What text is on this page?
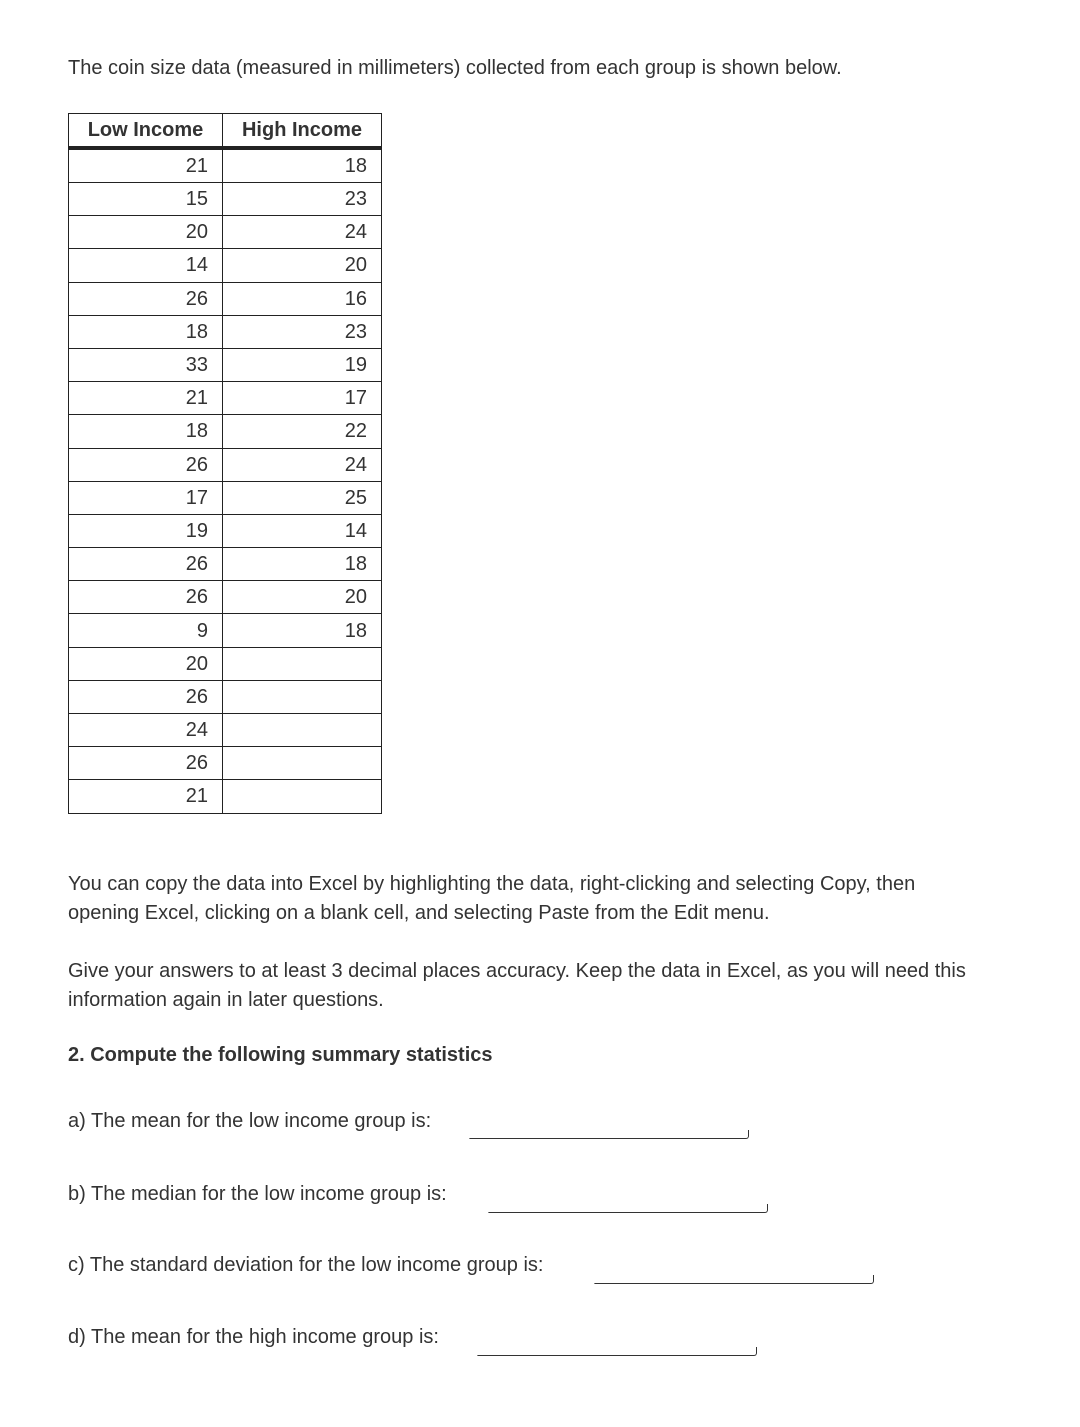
The coin size data (measured in millimeters) collected from each group is shown below.

Low Income	High Income
21	18
15	23
20	24
14	20
26	16
18	23
33	19
21	17
18	22
26	24
17	25
19	14
26	18
26	20
9	18
20	
26	
24	
26	
21	

You can copy the data into Excel by highlighting the data, right-clicking and selecting Copy, then opening Excel, clicking on a blank cell, and selecting Paste from the Edit menu.

Give your answers to at least 3 decimal places accuracy. Keep the data in Excel, as you will need this information again in later questions.

2. Compute the following summary statistics

a) The mean for the low income group is:
b) The median for the low income group is:
c) The standard deviation for the low income group is:
d) The mean for the high income group is:
